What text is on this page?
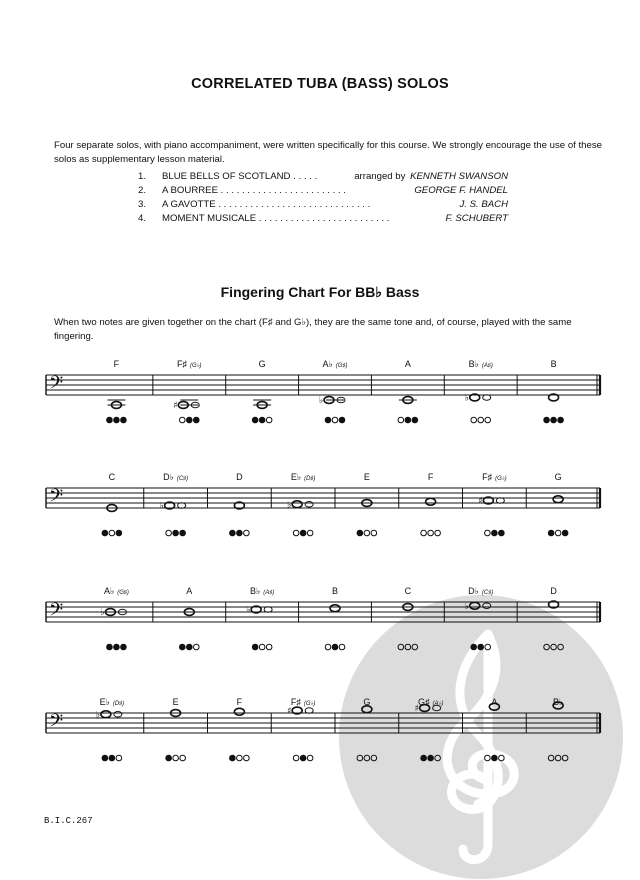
CORRELATED TUBA (BASS) SOLOS
Four separate solos, with piano accompaniment, were written specifically for this course. We strongly encourage the use of these solos as supplementary lesson material.
1. BLUE BELLS OF SCOTLAND . . . . .	arranged by KENNETH SWANSON
2. A BOURREE . . . . . . . . . . . . . . . . . . . . . . . .	GEORGE F. HANDEL
3. A GAVOTTE . . . . . . . . . . . . . . . . . . . . . . . . . . . . .	J. S. BACH
4. MOMENT MUSICALE . . . . . . . . . . . . . . . . . . . . . . . . .	F. SCHUBERT
Fingering Chart For BB♭ Bass
When two notes are given together on the chart (F♯ and G♭), they are the same tone and, of course, played with the same fingering.
𝄢
F	F♯ (G♭)
♯
G	A♭ (G♯)
♭
A	B♭ (A♯)
♭
B
𝄢
C	D♭ (C♯)
♭
D	E♭ (D♯)
♭
E	F	F♯ (G♭)
♯
G
𝄢
A♭ (G♯)
♭
A	B♭ (A♯)
♭
B	C	D♭ (C♯)
♭
D
𝄢
E♭ (D♯)
♭
E	F	F♯ (G♭)
♯
G	G♯ (A♭)
♯
A	B♭
B.I.C.267
